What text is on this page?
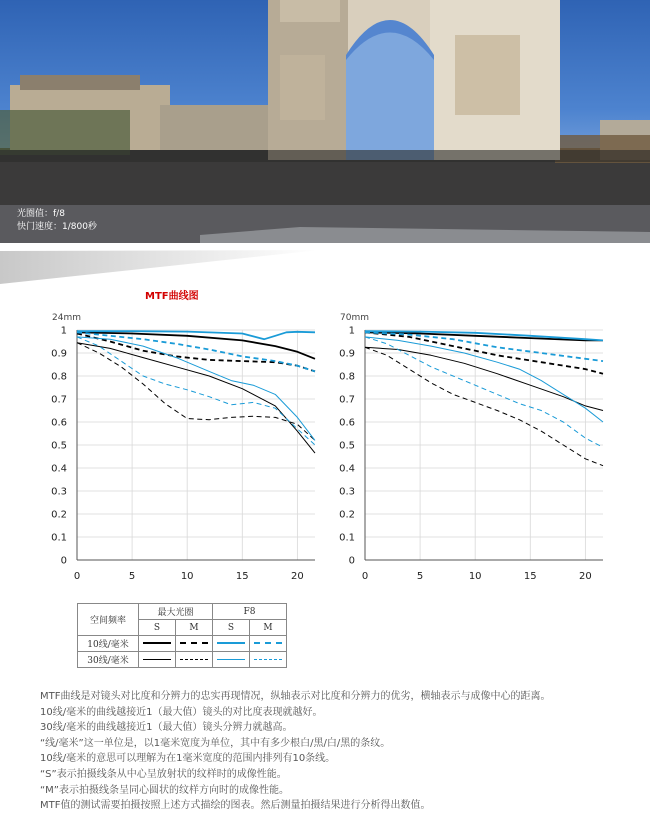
光圈值：f/8
快门速度：1/800秒
MTF曲线图
24mm
0
0.1
0.2
0.3
0.4
0.5
0.6
0.7
0.8
0.9
1
0	5	10	15	20
70mm
0
0.1
0.2
0.3
0.4
0.5
0.6
0.7
0.8
0.9
1
0	5	10	15	20
空间频率	最大光圈		F8	
	S	M	S	M
10线/毫米				
30线/毫米				

MTF曲线是对镜头对比度和分辨力的忠实再现情况，纵轴表示对比度和分辨力的优劣，横轴表示与成像中心的距离。

10线/毫米的曲线越接近1（最大值）镜头的对比度表现就越好。

30线/毫米的曲线越接近1（最大值）镜头分辨力就越高。

“线/毫米”这一单位是，以1毫米宽度为单位，其中有多少根白/黑/白/黑的条纹。

10线/毫米的意思可以理解为在1毫米宽度的范围内排列有10条线。

“S”表示拍摄线条从中心呈放射状的纹样时的成像性能。

“M”表示拍摄线条呈同心圆状的纹样方向时的成像性能。

MTF值的测试需要拍摄按照上述方式描绘的图表。然后测量拍摄结果进行分析得出数值。
